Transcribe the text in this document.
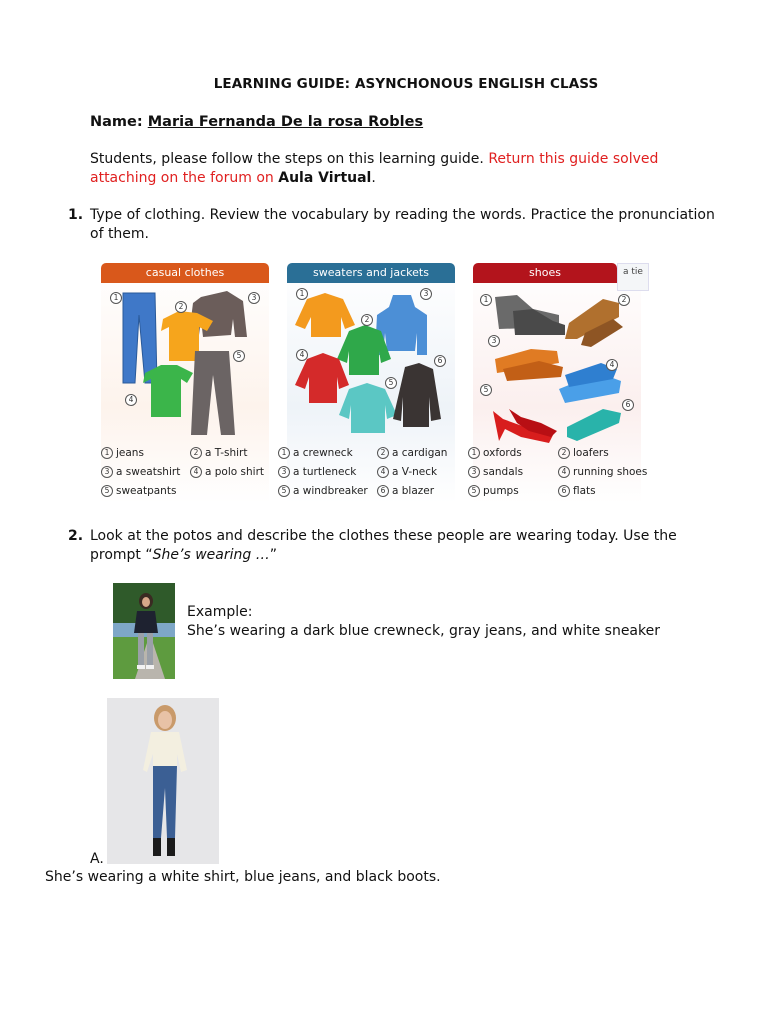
LEARNING GUIDE: ASYNCHONOUS ENGLISH CLASS
Name: Maria Fernanda De la rosa Robles
Students, please follow the steps on this learning guide. Return this guide solved attaching on the forum on Aula Virtual.
1. Type of clothing. Review the vocabulary by reading the words. Practice the pronunciation of them.
casual clothes
1
2
3
4
5
1 jeans	2 a T-shirt
3 a sweatshirt	4 a polo shirt
5 sweatpants
sweaters and jackets
1
2
3
4
5
6
1 a crewneck	2 a cardigan
3 a turtleneck	4 a V-neck
5 a windbreaker	6 a blazer
shoes
1	2
3
4
5
6
1 oxfords	2 loafers
3 sandals	4 running shoes
5 pumps	6 flats
a tie
2. Look at the potos and describe the clothes these people are wearing today. Use the prompt “She’s wearing …”
Example:
She’s wearing a dark blue crewneck, gray jeans, and white sneaker
A.
She’s wearing a white shirt, blue jeans, and black boots.
